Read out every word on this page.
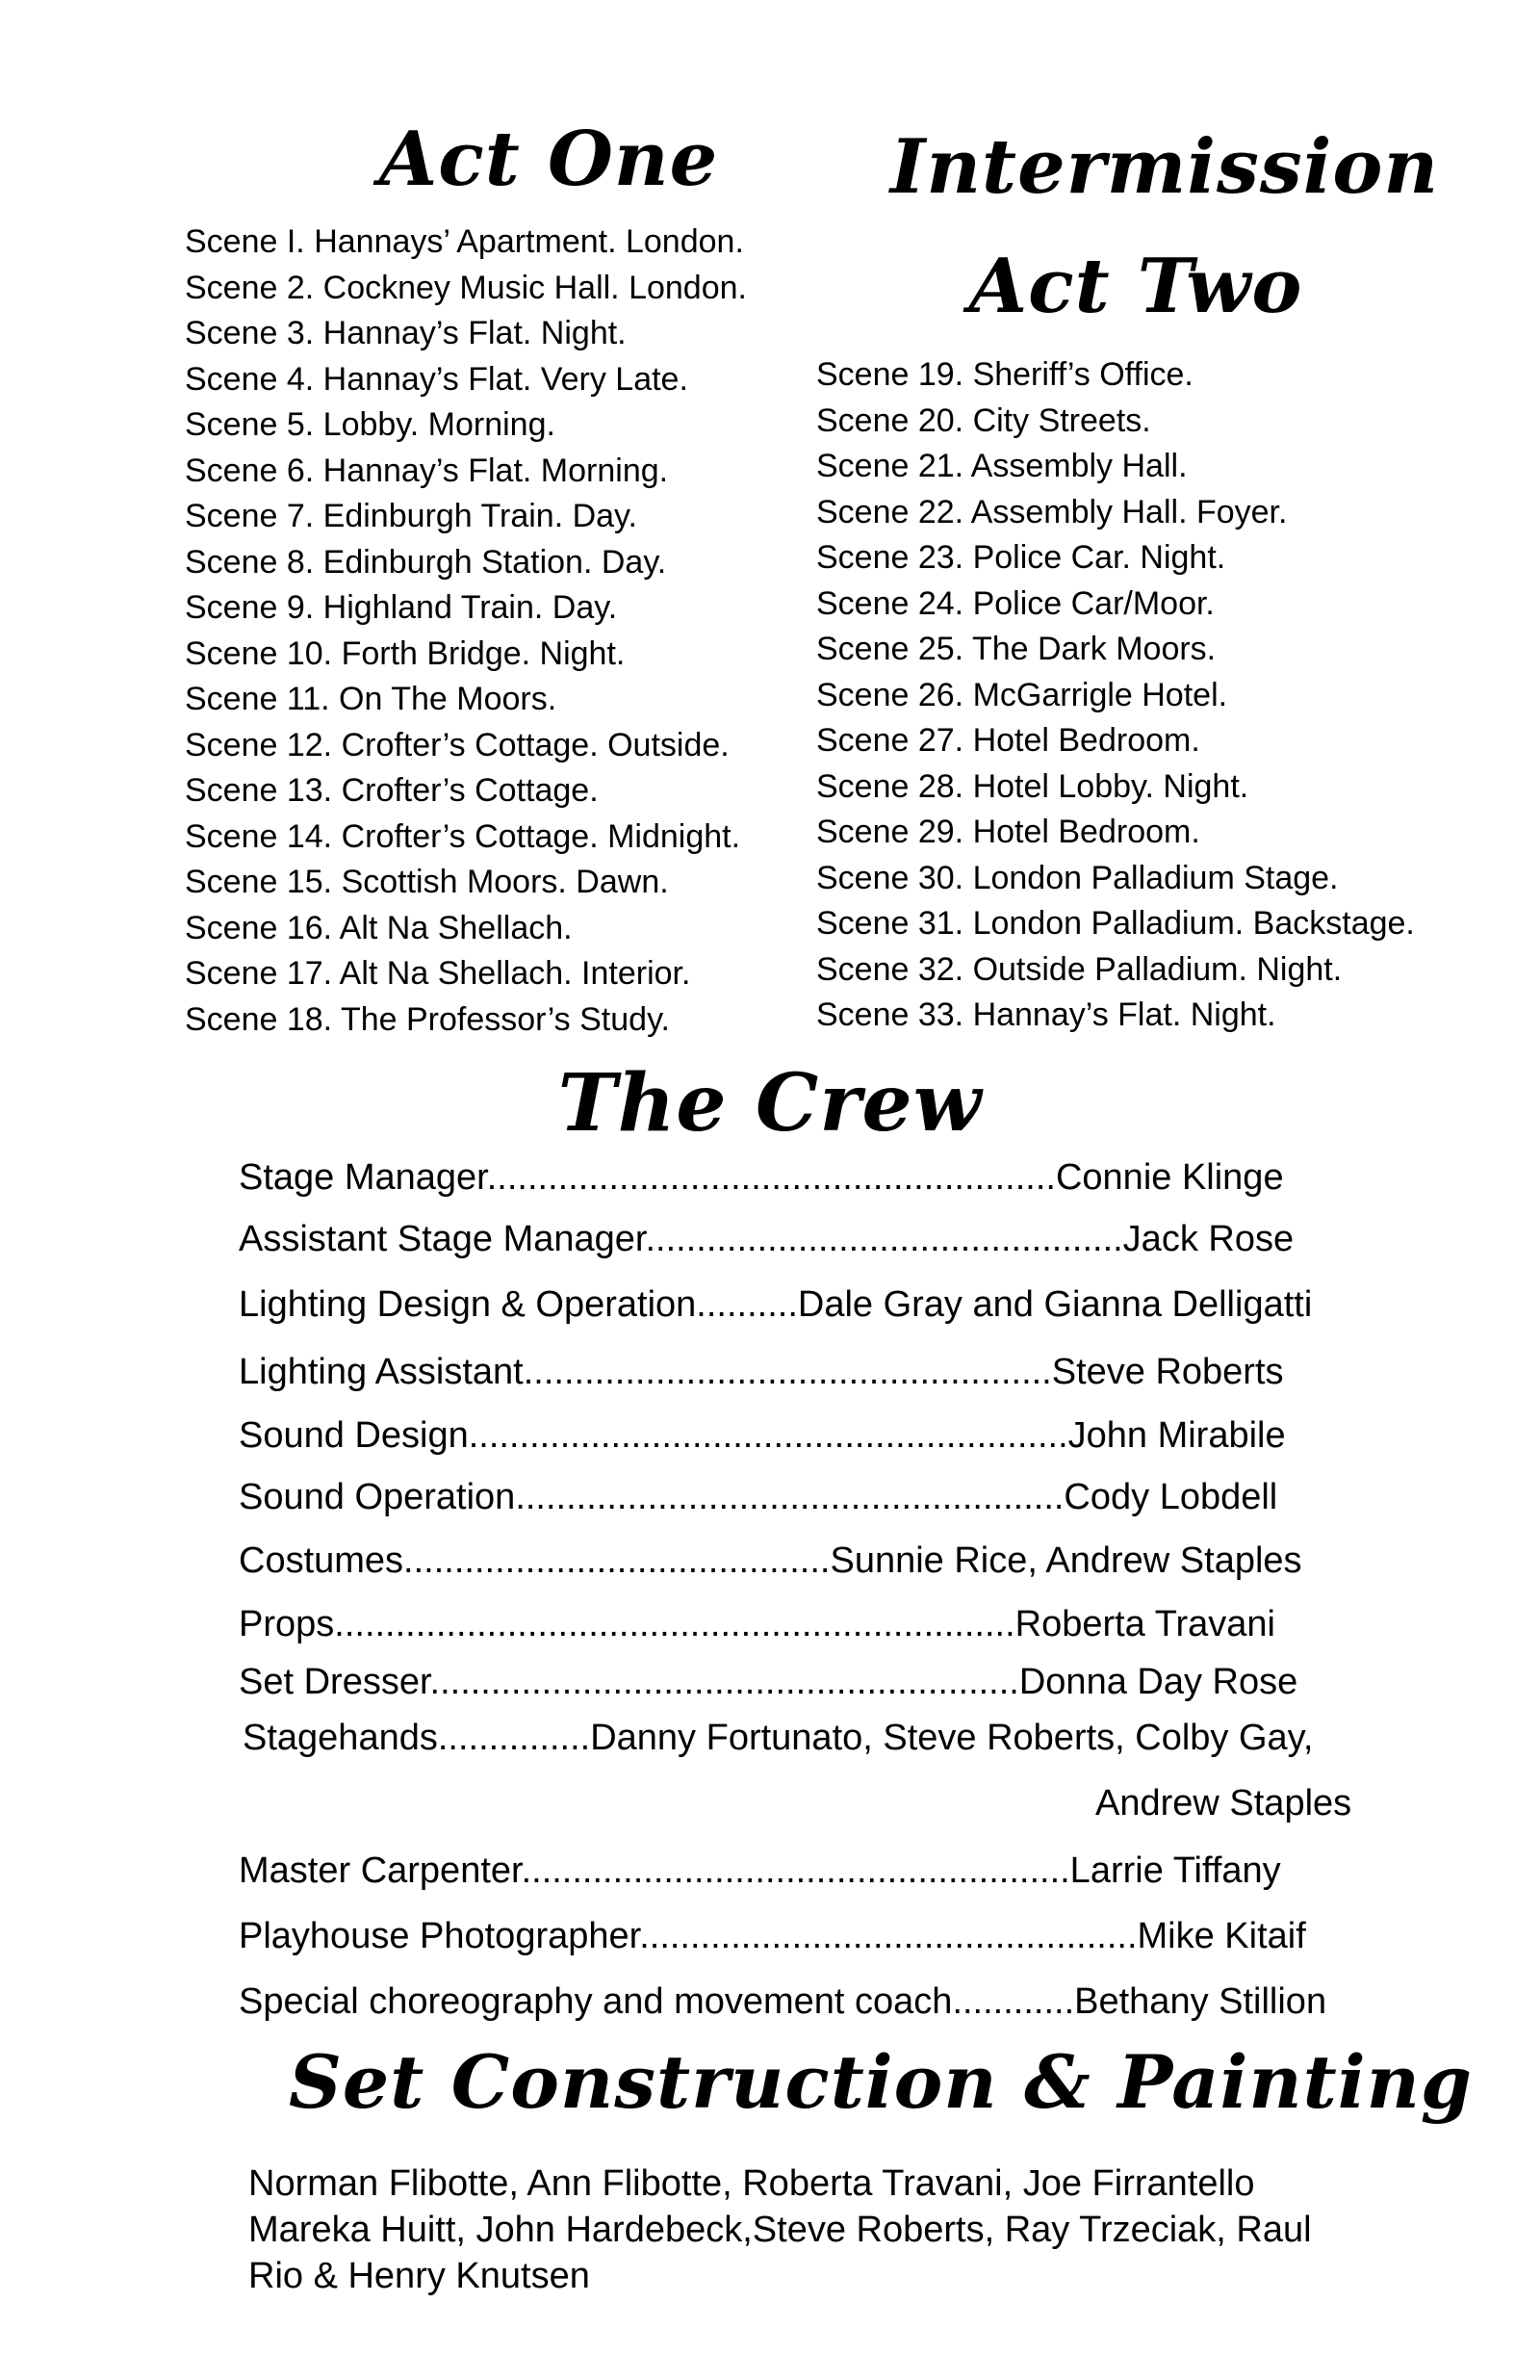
Act One	Intermission
Act Two
Scene I. Hannays’ Apartment. London.
Scene 2. Cockney Music Hall. London.
Scene 3. Hannay’s Flat. Night.
Scene 4. Hannay’s Flat. Very Late.
Scene 5. Lobby. Morning.
Scene 6. Hannay’s Flat. Morning.
Scene 7. Edinburgh Train. Day.
Scene 8. Edinburgh Station. Day.
Scene 9. Highland Train. Day.
Scene 10. Forth Bridge. Night.
Scene 11. On The Moors.
Scene 12. Crofter’s Cottage. Outside.
Scene 13. Crofter’s Cottage.
Scene 14. Crofter’s Cottage. Midnight.
Scene 15. Scottish Moors. Dawn.
Scene 16. Alt Na Shellach.
Scene 17. Alt Na Shellach. Interior.
Scene 18. The Professor’s Study.
Scene 19. Sheriff’s Office.
Scene 20. City Streets.
Scene 21. Assembly Hall.
Scene 22. Assembly Hall. Foyer.
Scene 23. Police Car. Night.
Scene 24. Police Car/Moor.
Scene 25. The Dark Moors.
Scene 26. McGarrigle Hotel.
Scene 27. Hotel Bedroom.
Scene 28. Hotel Lobby. Night.
Scene 29. Hotel Bedroom.
Scene 30. London Palladium Stage.
Scene 31. London Palladium. Backstage.
Scene 32. Outside Palladium. Night.
Scene 33. Hannay’s Flat. Night.
The Crew
Stage Manager........................................................Connie Klinge
Assistant Stage Manager...............................................Jack Rose
Lighting Design & Operation..........Dale Gray and Gianna Delligatti
Lighting Assistant....................................................Steve Roberts
Sound Design...........................................................John Mirabile
Sound Operation......................................................Cody Lobdell
Costumes..........................................Sunnie Rice, Andrew Staples
Props...................................................................Roberta Travani
Set Dresser..........................................................Donna Day Rose
Stagehands...............Danny Fortunato, Steve Roberts, Colby Gay,
Andrew Staples
Master Carpenter......................................................Larrie Tiffany
Playhouse Photographer.................................................Mike Kitaif
Special choreography and movement coach............Bethany Stillion
Set Construction & Painting
Norman Flibotte, Ann Flibotte, Roberta Travani, Joe Firrantello
Mareka Huitt, John Hardebeck,Steve Roberts, Ray Trzeciak, Raul
Rio & Henry Knutsen
